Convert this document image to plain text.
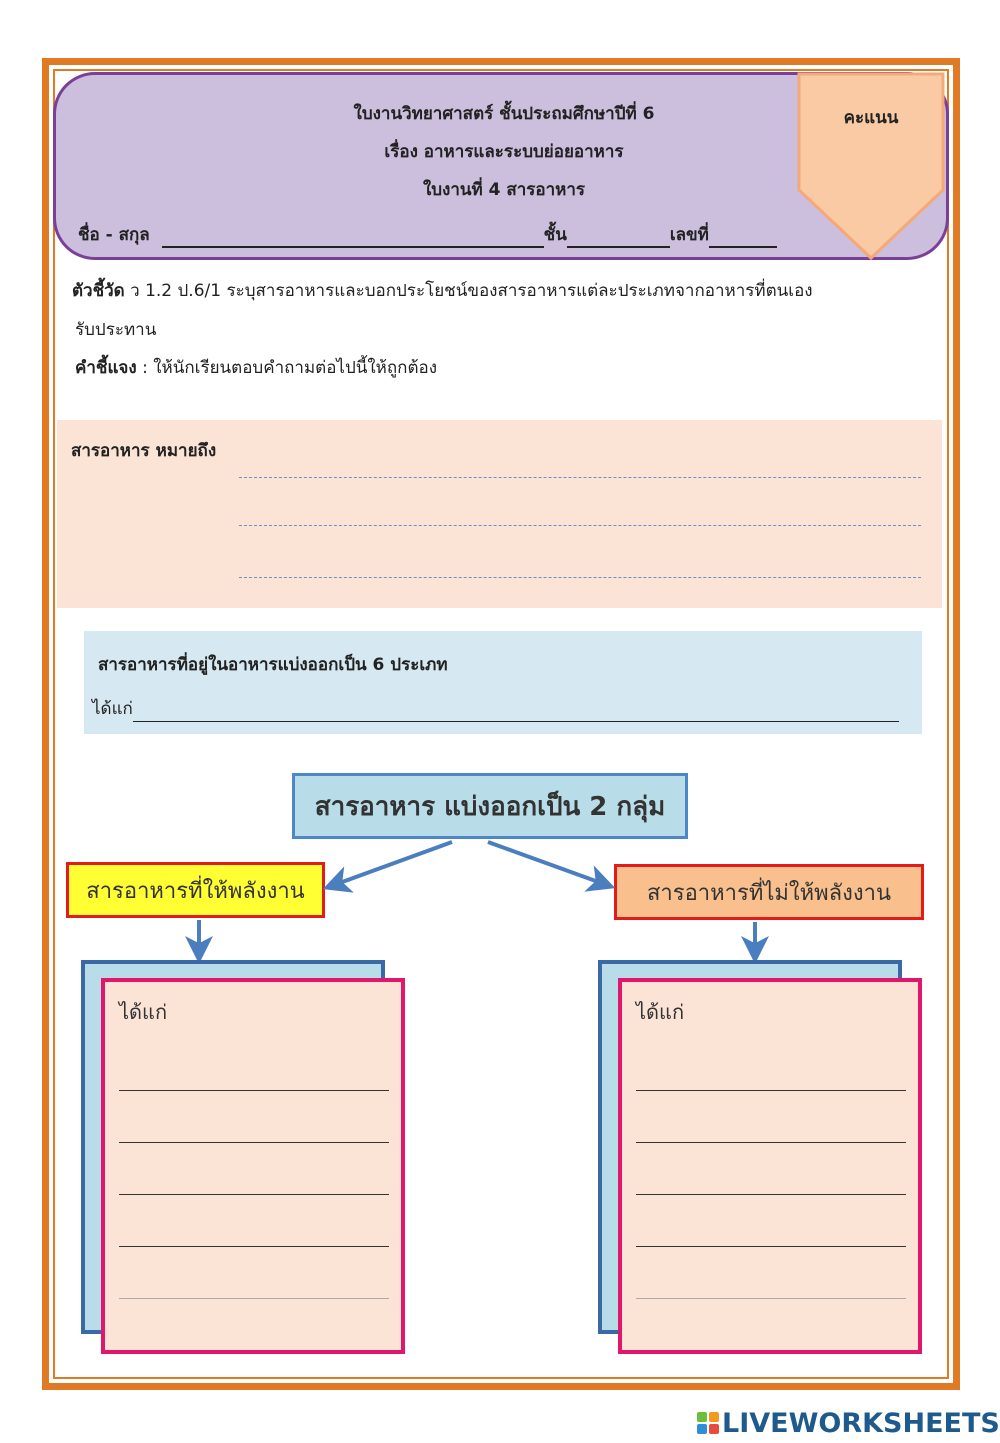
ใบงานวิทยาศาสตร์ ชั้นประถมศึกษาปีที่ 6
เรื่อง อาหารและระบบย่อยอาหาร
ใบงานที่ 4 สารอาหาร
ชื่อ - สกุล	ชั้น	เลขที่
คะแนน
ตัวชี้วัด ว 1.2 ป.6/1 ระบุสารอาหารและบอกประโยชน์ของสารอาหารแต่ละประเภทจากอาหารที่ตนเอง
รับประทาน
คำชี้แจง : ให้นักเรียนตอบคำถามต่อไปนี้ให้ถูกต้อง
สารอาหาร หมายถึง
สารอาหารที่อยู่ในอาหารแบ่งออกเป็น 6 ประเภท
ได้แก่
สารอาหาร แบ่งออกเป็น 2 กลุ่ม
สารอาหารที่ให้พลังงาน	สารอาหารที่ไม่ให้พลังงาน
ได้แก่	ได้แก่
LIVEWORKSHEETS
